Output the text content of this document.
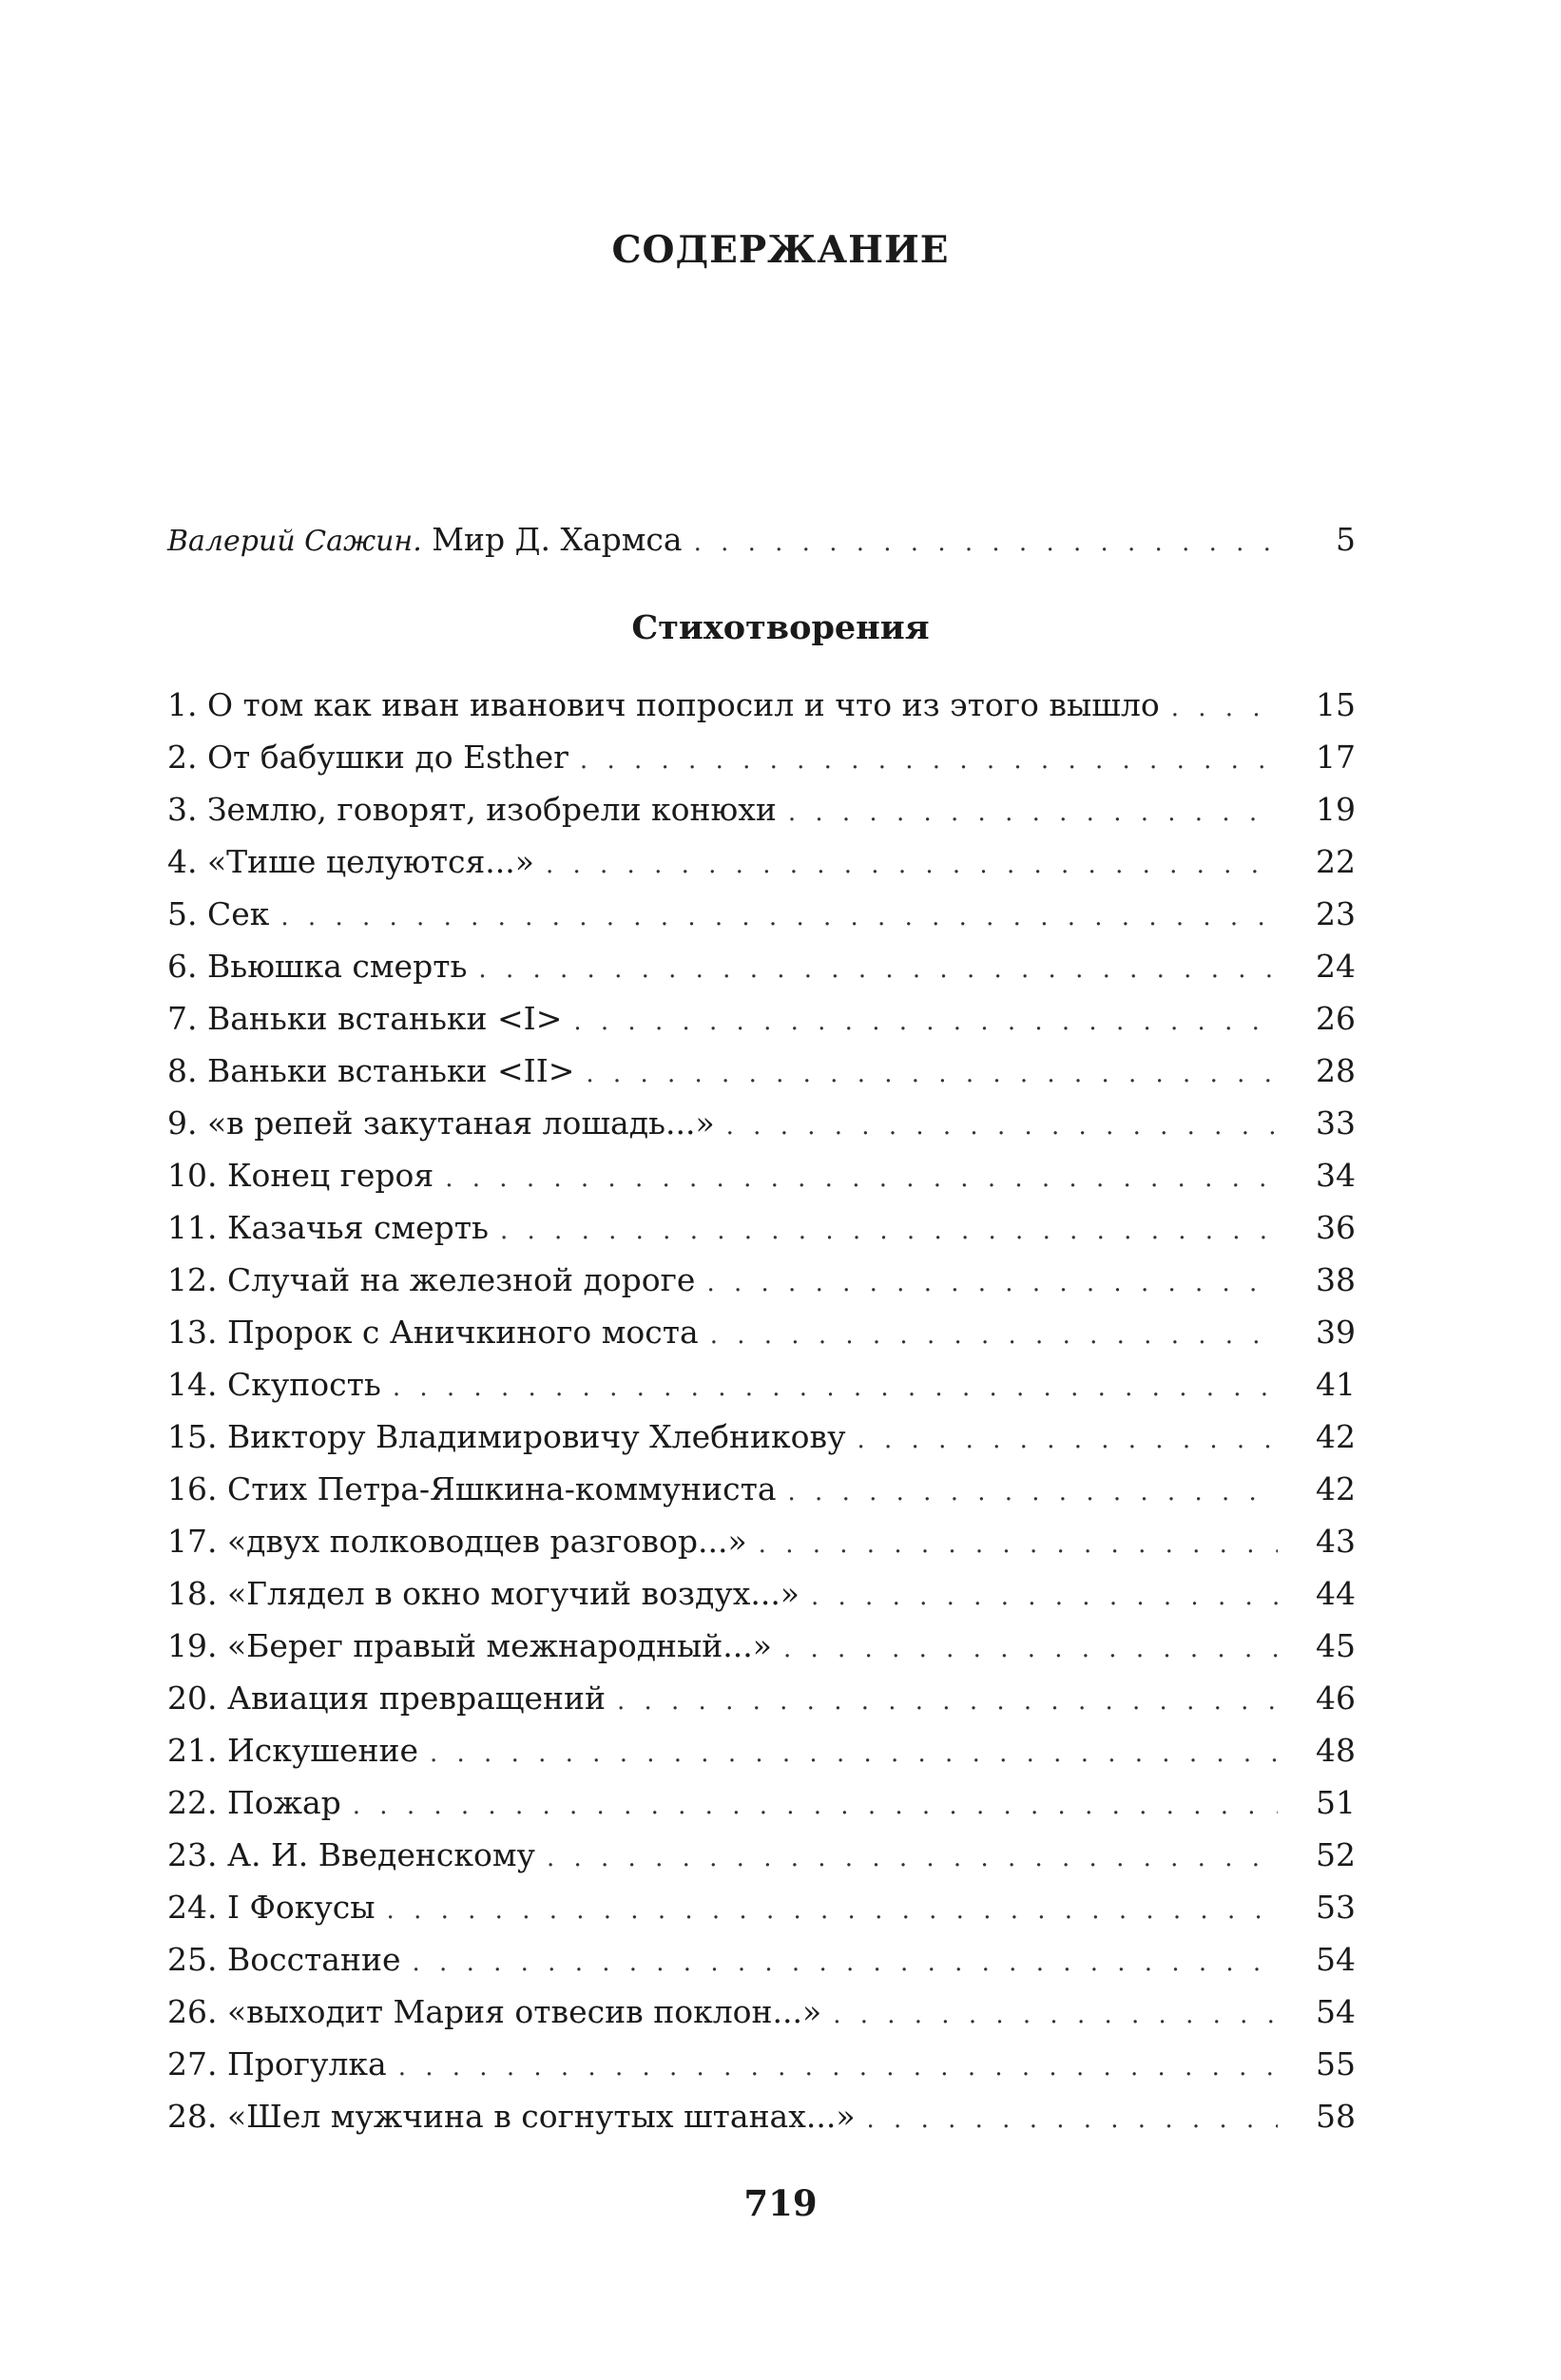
СОДЕРЖАНИЕ
Валерий Сажин. Мир Д. Хармса . . .	5
Стихотворения
1. О том как иван иванович попросил и что из этого вышло . . .	15
2. От бабушки до Esther . . .	17
3. Землю, говорят, изобрели конюхи . . .	19
4. «Тише целуются...» . . .	22
5. Сек . . .	23
6. Вьюшка смерть . . .	24
7. Ваньки встаньки <I> . . .	26
8. Ваньки встаньки <II> . . .	28
9. «в репей закутаная лошадь...» . . .	33
10. Конец героя . . .	34
11. Казачья смерть . . .	36
12. Случай на железной дороге . . .	38
13. Пророк с Аничкиного моста . . .	39
14. Скупость . . .	41
15. Виктору Владимировичу Хлебникову . . .	42
16. Стих Петра-Яшкина-коммуниста . . .	42
17. «двух полководцев разговор...» . . .	43
18. «Глядел в окно могучий воздух...» . . .	44
19. «Берег правый межнародный...» . . .	45
20. Авиация превращений . . .	46
21. Искушение . . .	48
22. Пожар . . .	51
23. А. И. Введенскому . . .	52
24. I Фокусы . . .	53
25. Восстание . . .	54
26. «выходит Мария отвесив поклон...» . . .	54
27. Прогулка . . .	55
28. «Шел мужчина в согнутых штанах...» . . .	58
719
